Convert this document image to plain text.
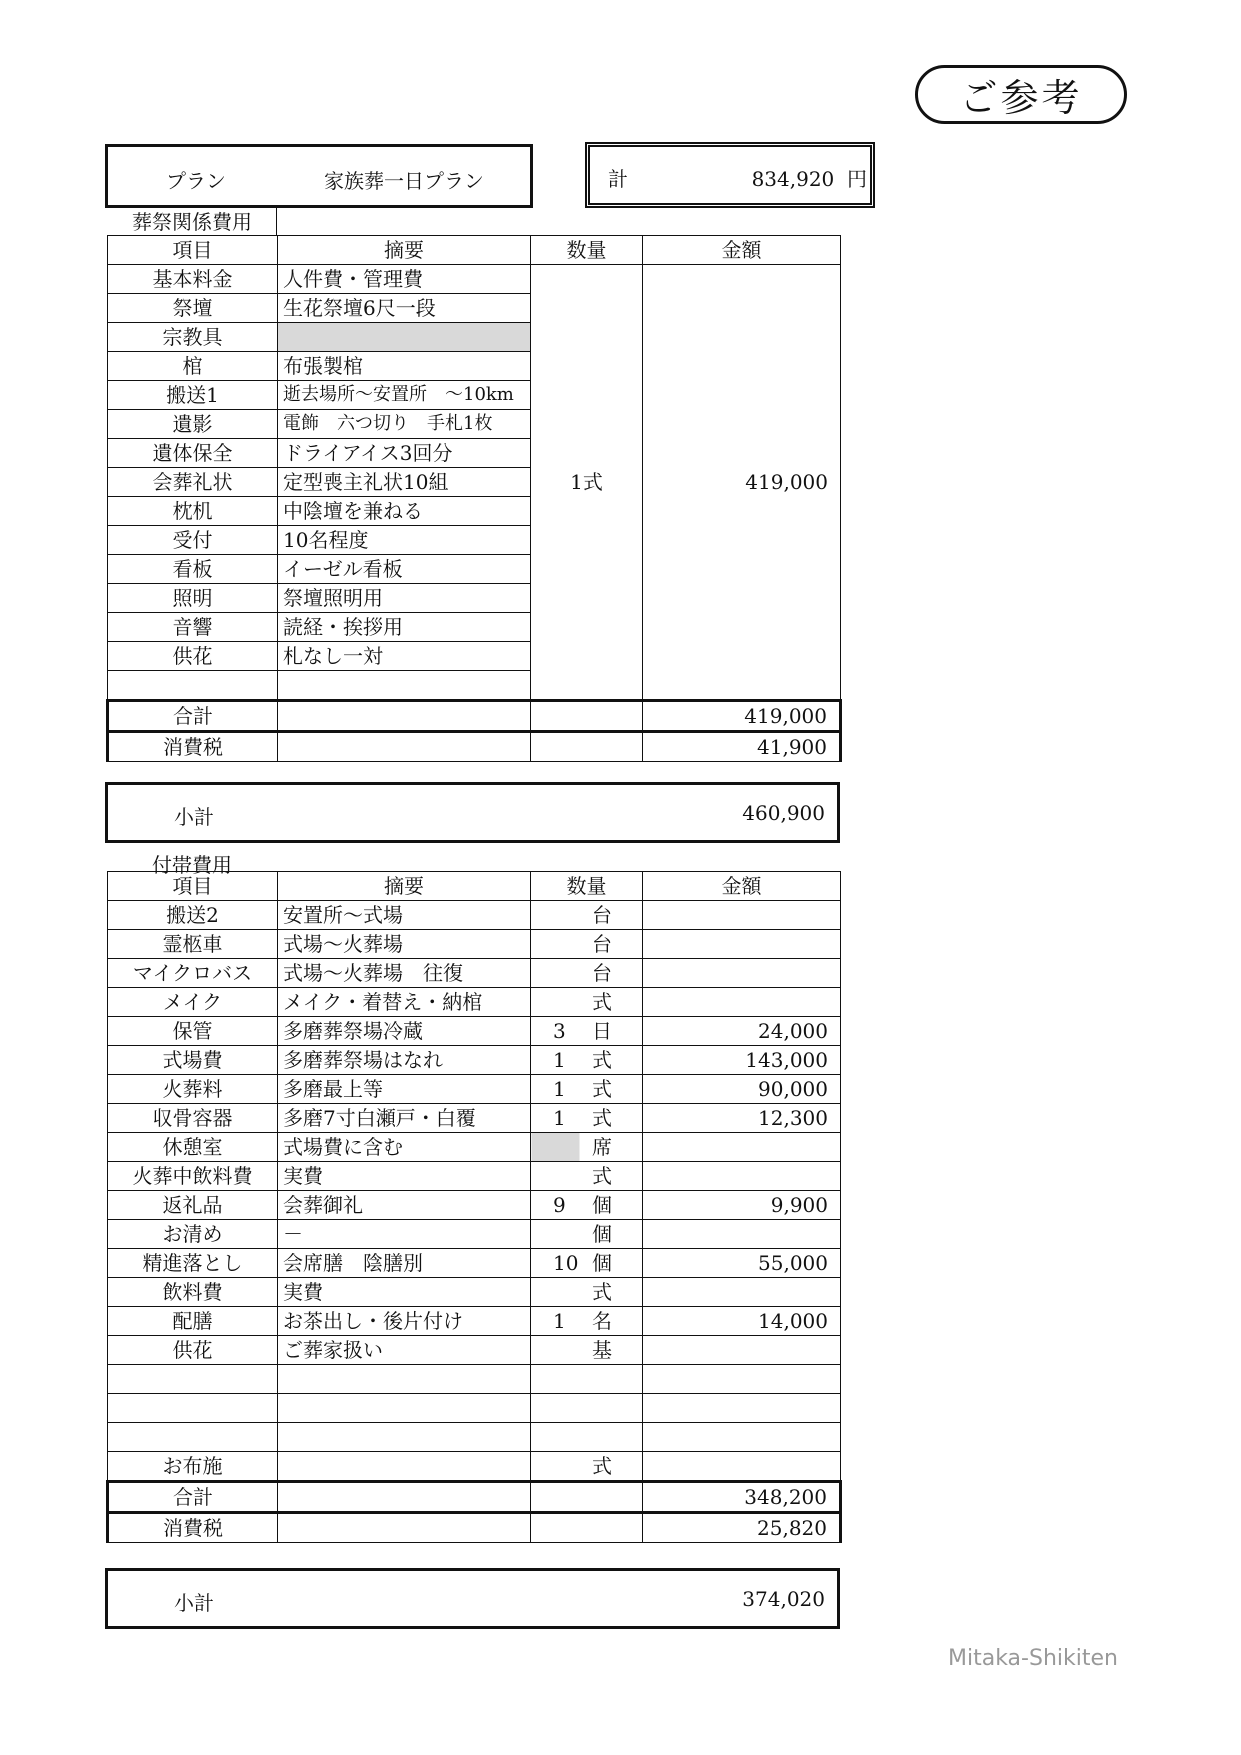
ご参考
プラン	家族葬一日プラン	計	834,920 円
葬祭関係費用
項目	摘要	数量	金額
基本料金	人件費・管理費	1式	419,000
祭壇	生花祭壇6尺一段		
宗教具			
棺	布張製棺		
搬送1	逝去場所～安置所　～10km		
遺影	電飾　六つ切り　手札1枚		
遺体保全	ドライアイス3回分		
会葬礼状	定型喪主礼状10組		
枕机	中陰壇を兼ねる		
受付	10名程度		
看板	イーゼル看板		
照明	祭壇照明用		
音響	読経・挨拶用		
供花	札なし一対		

合計			419,000
消費税			41,900
小計	460,900
付帯費用
項目	摘要	数量	金額
搬送2	安置所～式場	台	

霊柩車	式場～火葬場	台	

マイクロバス	式場～火葬場　往復	台	

メイク	メイク・着替え・納棺	式	

保管	多磨葬祭場冷蔵	3 日	24,000
式場費	多磨葬祭場はなれ	1 式	143,000
火葬料	多磨最上等	1 式	90,000
収骨容器	多磨7寸白瀬戸・白覆	1 式	12,300
休憩室	式場費に含む	席	

火葬中飲料費	実費	式	

返礼品	会葬御礼	9 個	9,900
お清め	－	個	

精進落とし	会席膳　陰膳別	10 個	55,000
飲料費	実費	式	

配膳	お茶出し・後片付け	1 名	14,000
供花	ご葬家扱い	基	

お布施		式	

合計			348,200
消費税			25,820
小計	374,020
Mitaka-Shikiten
